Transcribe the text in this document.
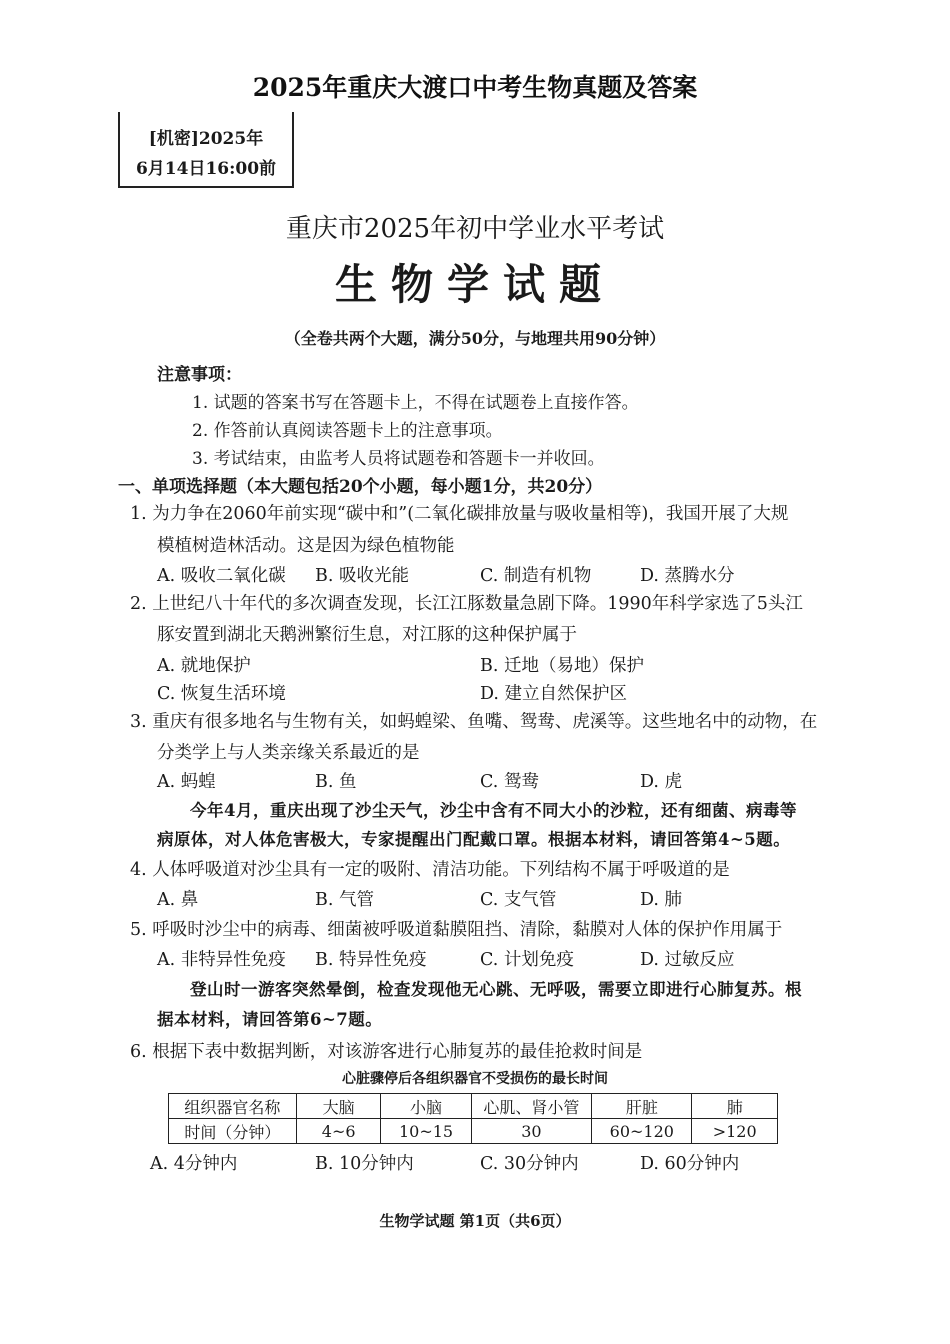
2025年重庆大渡口中考生物真题及答案
[机密]2025年
6月14日16:00前
重庆市2025年初中学业水平考试
生物学试题
（全卷共两个大题，满分50分，与地理共用90分钟）
注意事项：
1. 试题的答案书写在答题卡上，不得在试题卷上直接作答。
2. 作答前认真阅读答题卡上的注意事项。
3. 考试结束，由监考人员将试题卷和答题卡一并收回。
一、单项选择题（本大题包括20个小题，每小题1分，共20分）
1. 为力争在2060年前实现“碳中和”(二氧化碳排放量与吸收量相等)，我国开展了大规
模植树造林活动。这是因为绿色植物能
A. 吸收二氧化碳 B. 吸收光能	C. 制造有机物	D. 蒸腾水分
2. 上世纪八十年代的多次调查发现，长江江豚数量急剧下降。1990年科学家选了5头江
豚安置到湖北天鹅洲繁衍生息，对江豚的这种保护属于
A. 就地保护	B. 迁地（易地）保护
C. 恢复生活环境	D. 建立自然保护区
3. 重庆有很多地名与生物有关，如蚂蝗梁、鱼嘴、鸳鸯、虎溪等。这些地名中的动物，在
分类学上与人类亲缘关系最近的是
A. 蚂蝗	B. 鱼	C. 鸳鸯	D. 虎
今年4月，重庆出现了沙尘天气，沙尘中含有不同大小的沙粒，还有细菌、病毒等
病原体，对人体危害极大，专家提醒出门配戴口罩。根据本材料，请回答第4~5题。
4. 人体呼吸道对沙尘具有一定的吸附、清洁功能。下列结构不属于呼吸道的是
A. 鼻	B. 气管	C. 支气管	D. 肺
5. 呼吸时沙尘中的病毒、细菌被呼吸道黏膜阻挡、清除，黏膜对人体的保护作用属于
A. 非特异性免疫 B. 特异性免疫	C. 计划免疫	D. 过敏反应
登山时一游客突然晕倒，检查发现他无心跳、无呼吸，需要立即进行心肺复苏。根
据本材料，请回答第6~7题。
6. 根据下表中数据判断，对该游客进行心肺复苏的最佳抢救时间是
心脏骤停后各组织器官不受损伤的最长时间
组织器官名称	大脑	小脑	心肌、肾小管	肝脏	肺
时间（分钟）	4~6	10~15	30	60~120	>120
A. 4分钟内	B. 10分钟内	C. 30分钟内	D. 60分钟内
生物学试题 第1页（共6页）
